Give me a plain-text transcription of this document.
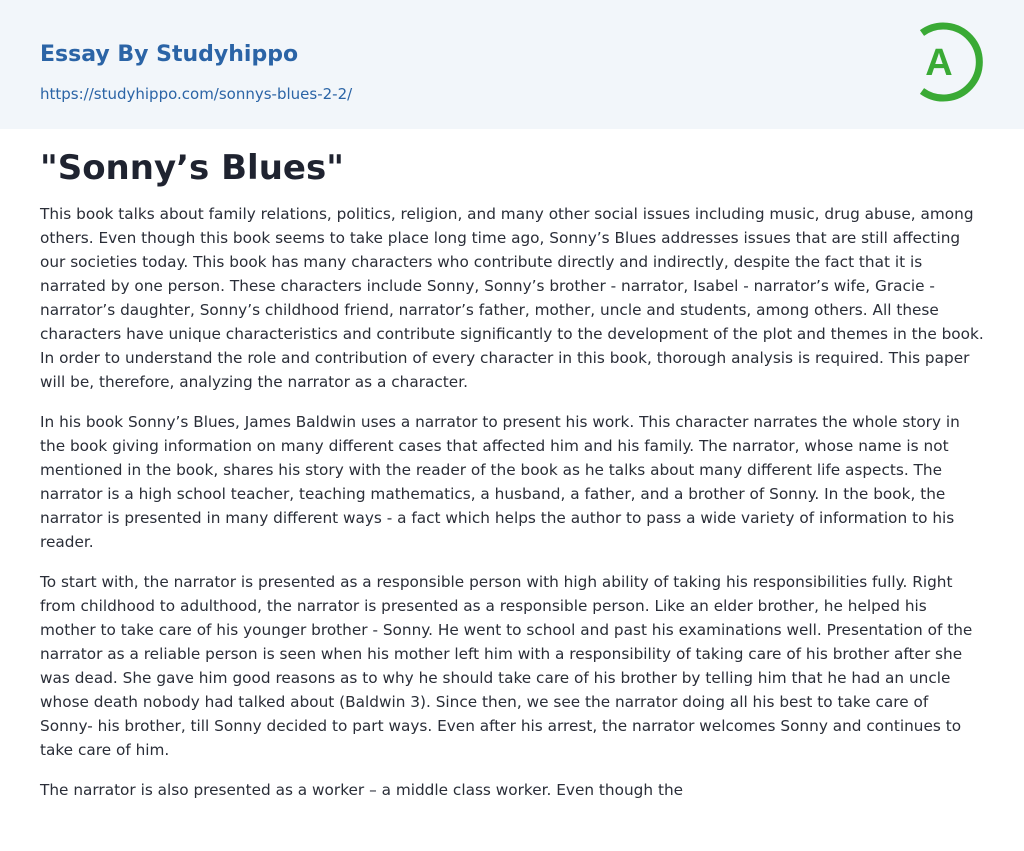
Essay By Studyhippo
https://studyhippo.com/sonnys-blues-2-2/
A
"Sonny’s Blues"

This book talks about family relations, politics, religion, and many other social issues including music, drug abuse, among others. Even though this book seems to take place long time ago, Sonny’s Blues addresses issues that are still affecting our societies today. This book has many characters who contribute directly and indirectly, despite the fact that it is narrated by one person. These characters include Sonny, Sonny’s brother - narrator, Isabel - narrator’s wife, Gracie - narrator’s daughter, Sonny’s childhood friend, narrator’s father, mother, uncle and students, among others. All these characters have unique characteristics and contribute significantly to the development of the plot and themes in the book. In order to understand the role and contribution of every character in this book, thorough analysis is required. This paper will be, therefore, analyzing the narrator as a character.

In his book Sonny’s Blues, James Baldwin uses a narrator to present his work. This character narrates the whole story in the book giving information on many different cases that affected him and his family. The narrator, whose name is not mentioned in the book, shares his story with the reader of the book as he talks about many different life aspects. The narrator is a high school teacher, teaching mathematics, a husband, a father, and a brother of Sonny. In the book, the narrator is presented in many different ways - a fact which helps the author to pass a wide variety of information to his reader.

To start with, the narrator is presented as a responsible person with high ability of taking his responsibilities fully. Right from childhood to adulthood, the narrator is presented as a responsible person. Like an elder brother, he helped his mother to take care of his younger brother - Sonny. He went to school and past his examinations well. Presentation of the narrator as a reliable person is seen when his mother left him with a responsibility of taking care of his brother after she was dead. She gave him good reasons as to why he should take care of his brother by telling him that he had an uncle whose death nobody had talked about (Baldwin 3). Since then, we see the narrator doing all his best to take care of Sonny- his brother, till Sonny decided to part ways. Even after his arrest, the narrator welcomes Sonny and continues to take care of him.

The narrator is also presented as a worker – a middle class worker. Even though the
